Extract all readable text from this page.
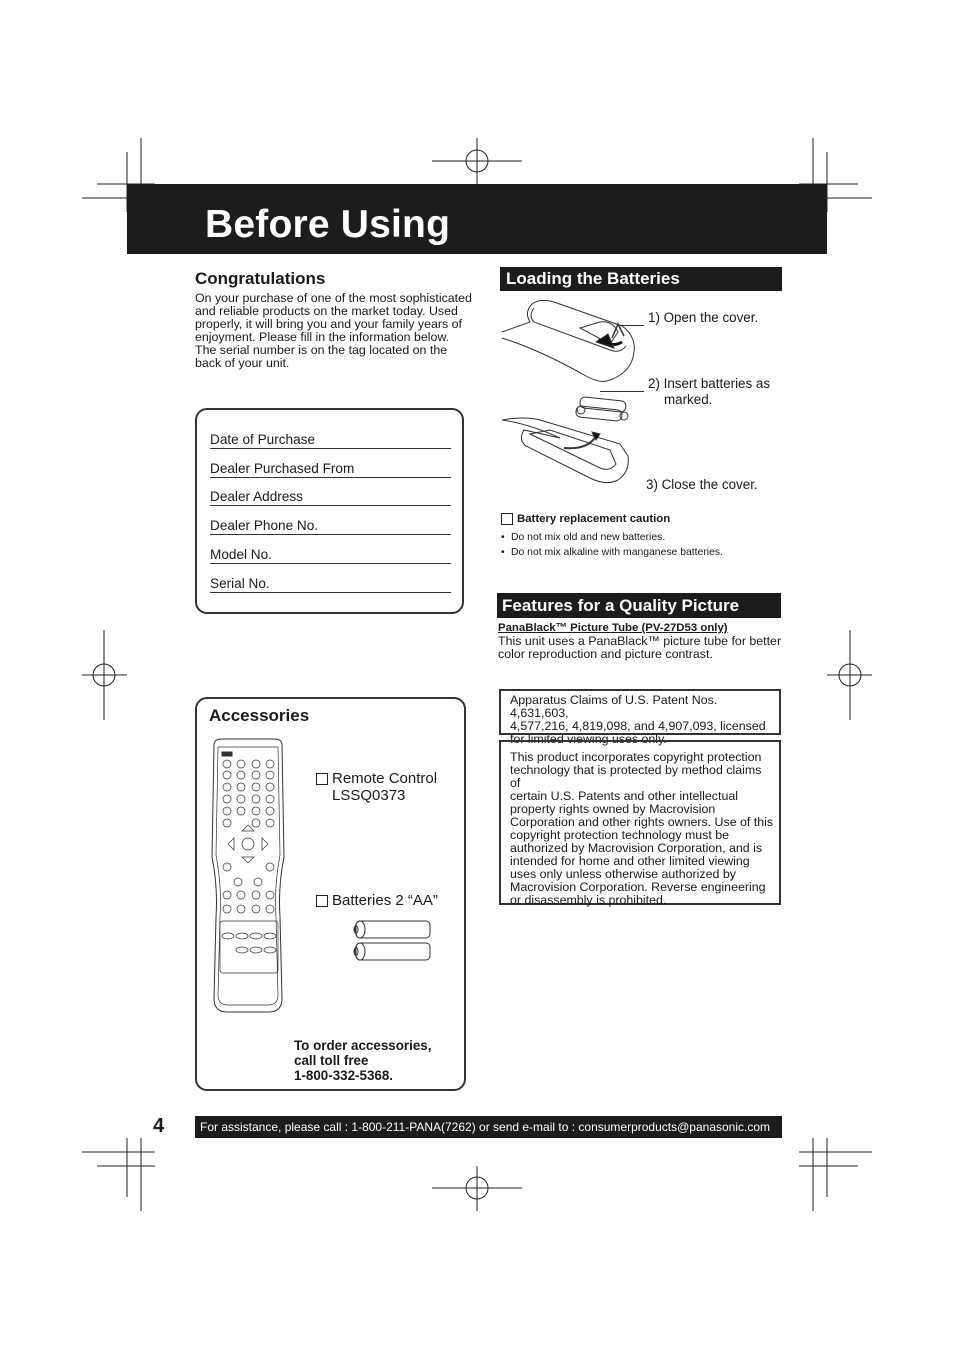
Before Using
Congratulations
On your purchase of one of the most sophisticated
and reliable products on the market today. Used
properly, it will bring you and your family years of
enjoyment. Please fill in the information below.
The serial number is on the tag located on the
back of your unit.
Date of Purchase
Dealer Purchased From
Dealer Address
Dealer Phone No.
Model No.
Serial No.
Accessories
Remote Control
LSSQ0373
Batteries 2 “AA”
To order accessories,
call toll free
1-800-332-5368.
Loading the Batteries
1) Open the cover.
2) Insert batteries as
marked.
3) Close the cover.
Battery replacement caution
• Do not mix old and new batteries.
• Do not mix alkaline with manganese batteries.
Features for a Quality Picture
PanaBlack™ Picture Tube (PV-27D53 only)
This unit uses a PanaBlack™ picture tube for better
color reproduction and picture contrast.
Apparatus Claims of U.S. Patent Nos. 4,631,603,
4,577,216, 4,819,098, and 4,907,093, licensed
for limited viewing uses only.
This product incorporates copyright protection
technology that is protected by method claims of
certain U.S. Patents and other intellectual
property rights owned by Macrovision
Corporation and other rights owners. Use of this
copyright protection technology must be
authorized by Macrovision Corporation, and is
intended for home and other limited viewing
uses only unless otherwise authorized by
Macrovision Corporation. Reverse engineering
or disassembly is prohibited.
4	For assistance, please call : 1-800-211-PANA(7262) or send e-mail to : consumerproducts@panasonic.com
